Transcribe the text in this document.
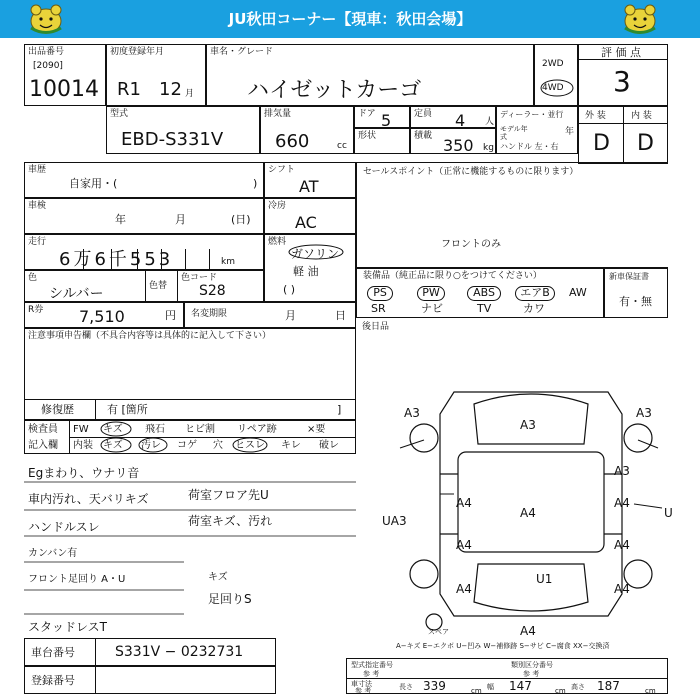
JU秋田コーナー【現車：秋田会場】
出品番号
[2090]
10014
初度登録年月
R1 12 月
車名・グレード
ハイゼットカーゴ
2WD
4WD
評 価 点
3
型式
EBD-S331V
排気量
660	cc
ドア 5	定員 4 人
ディーラー・並行
モデル年式	年
ハンドル 左・右
形状	積載 350 kg
外 装	内 装
D D
車歴
自家用・(	)
シフト
AT
セールスポイント（正常に機能するものに限ります）
フロントのみ
車検
年	月	(日)
冷房
AC
走行
6万6千553	km
燃料
ガソリン
軽 油
( )
色
シルバー	色替
色コード
S28
装備品（純正品に限り○をつけてください）
PS	PW	ABS	エアB	AW
SR	ナビ	TV	カワ
新車保証書
有・無
R券 7,510	円 名変期限	月	日
後日品
注意事項申告欄（不具合内容等は具体的に記入して下さい）
修復歴	有 [箇所	]
検査員
記入欄
FW キズ 飛石 ヒビ割 リペア跡	×要
内装 キズ 汚レ コゲ 穴 ヒスレ キレ 破レ
Egまわり、ウナリ音
車内汚れ、天バリキズ
ハンドルスレ
カンバン有
フロント足回り A・U
スタッドレスT
荷室フロア先U
荷室キズ、汚れ
キズ
足回りS
A3
A3
A3
A3
U
UA3
A4
A4
A4
A4	A4
A4	A4
U1
A4
スペア
A−キズ E−エクボ U−凹み W−補修跡 S−サビ C−腐食 XX−交換済
車台番号	S331V − 0232731
登録番号
型式指定番号
参 考
類別区分番号
参 考
車寸法
参 考	長さ 339	cm 幅 147	cm 高さ 187	cm
